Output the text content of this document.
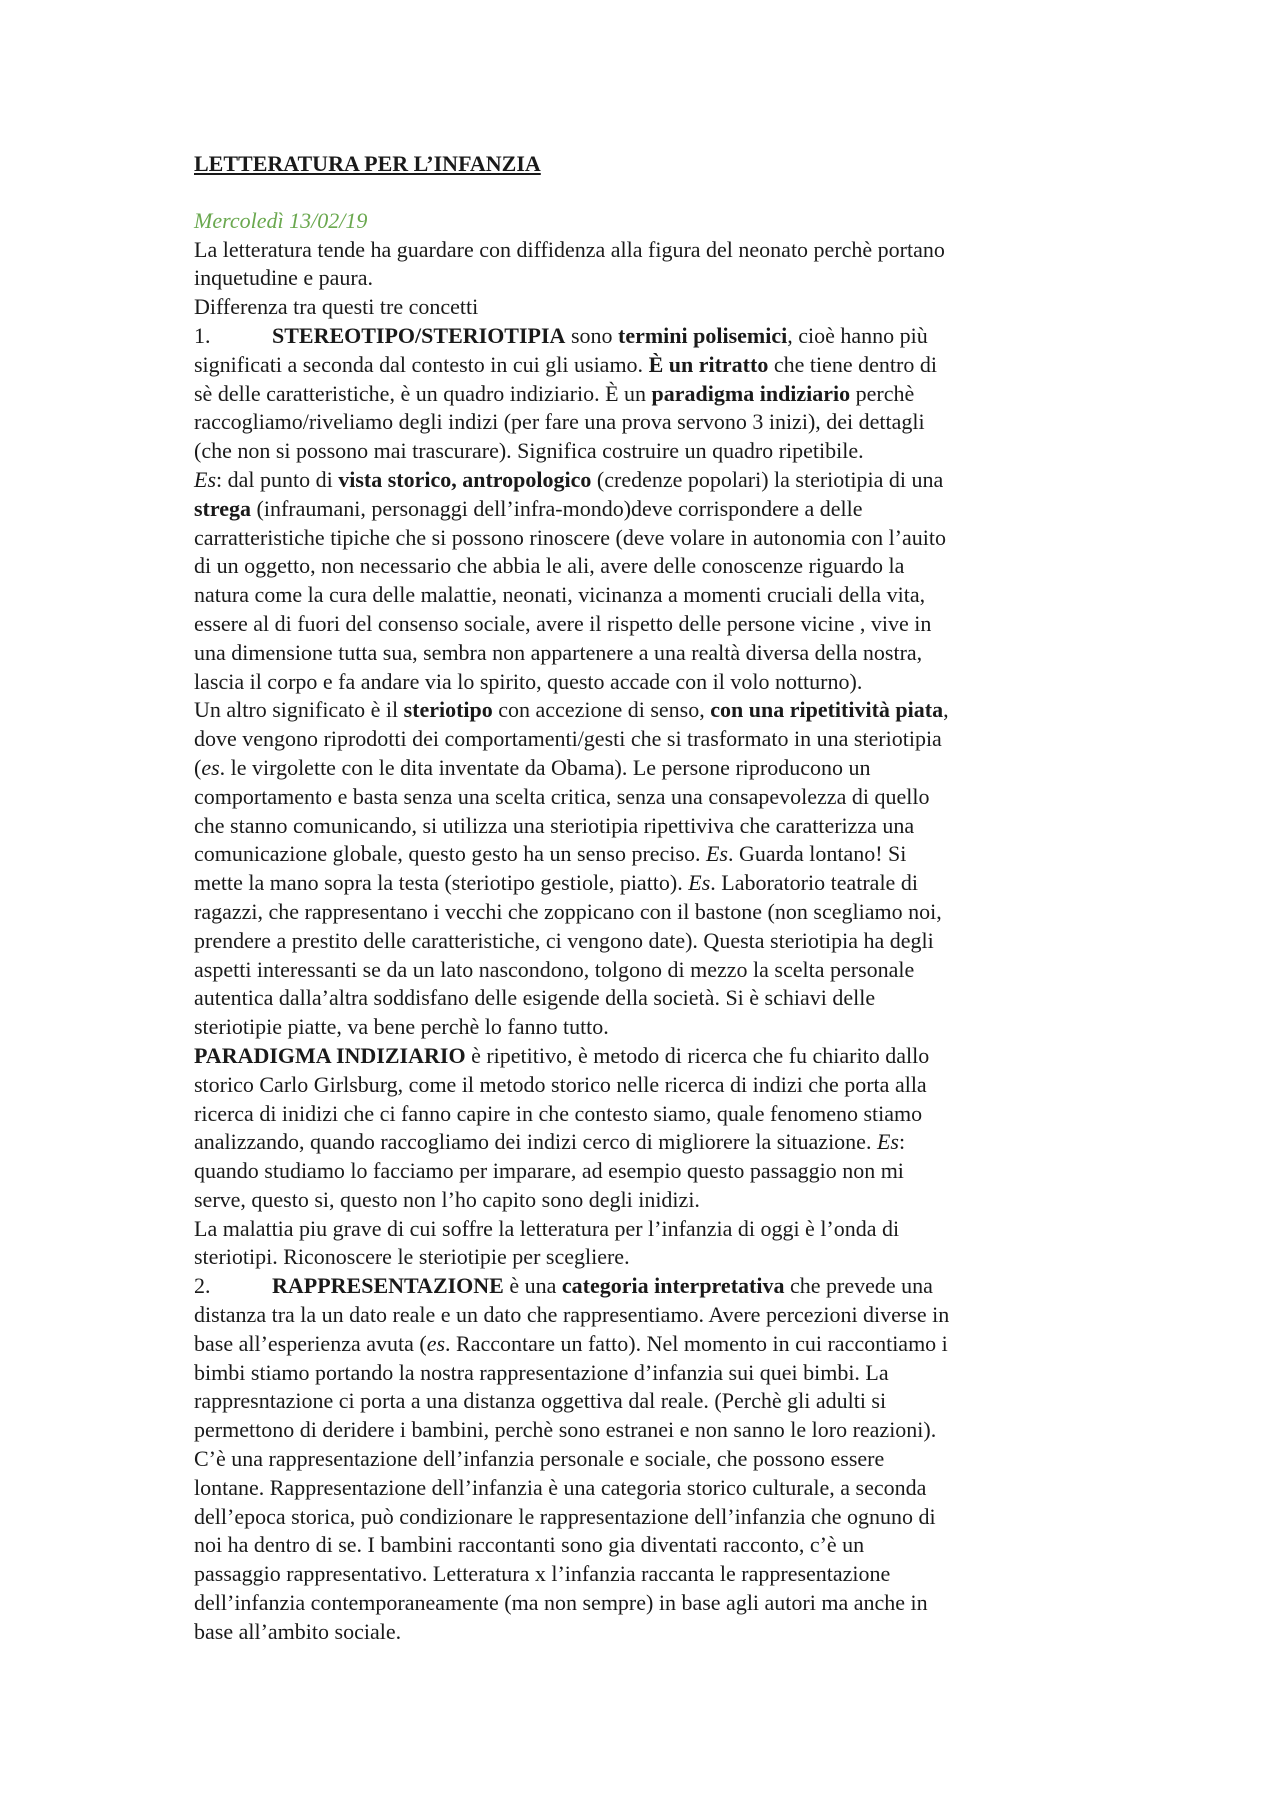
LETTERATURA PER L’INFANZIA
Mercoledì 13/02/19
La letteratura tende ha guardare con diffidenza alla figura del neonato perchè portano
inquetudine e paura.
Differenza tra questi tre concetti
1.	STEREOTIPO/STERIOTIPIA sono termini polisemici, cioè hanno più
significati a seconda dal contesto in cui gli usiamo. È un ritratto che tiene dentro di
sè delle caratteristiche, è un quadro indiziario. È un paradigma indiziario perchè
raccogliamo/riveliamo degli indizi (per fare una prova servono 3 inizi), dei dettagli
(che non si possono mai trascurare). Significa costruire un quadro ripetibile.
Es: dal punto di vista storico, antropologico (credenze popolari) la steriotipia di una
strega (infraumani, personaggi dell’infra-mondo)deve corrispondere a delle
carratteristiche tipiche che si possono rinoscere (deve volare in autonomia con l’auito
di un oggetto, non necessario che abbia le ali, avere delle conoscenze riguardo la
natura come la cura delle malattie, neonati, vicinanza a momenti cruciali della vita,
essere al di fuori del consenso sociale, avere il rispetto delle persone vicine , vive in
una dimensione tutta sua, sembra non appartenere a una realtà diversa della nostra,
lascia il corpo e fa andare via lo spirito, questo accade con il volo notturno).
Un altro significato è il steriotipo con accezione di senso, con una ripetitività piata,
dove vengono riprodotti dei comportamenti/gesti che si trasformato in una steriotipia
(es. le virgolette con le dita inventate da Obama). Le persone riproducono un
comportamento e basta senza una scelta critica, senza una consapevolezza di quello
che stanno comunicando, si utilizza una steriotipia ripettiviva che caratterizza una
comunicazione globale, questo gesto ha un senso preciso. Es. Guarda lontano! Si
mette la mano sopra la testa (steriotipo gestiole, piatto). Es. Laboratorio teatrale di
ragazzi, che rappresentano i vecchi che zoppicano con il bastone (non scegliamo noi,
prendere a prestito delle caratteristiche, ci vengono date). Questa steriotipia ha degli
aspetti interessanti se da un lato nascondono, tolgono di mezzo la scelta personale
autentica dalla’altra soddisfano delle esigende della società. Si è schiavi delle
steriotipie piatte, va bene perchè lo fanno tutto.
PARADIGMA INDIZIARIO è ripetitivo, è metodo di ricerca che fu chiarito dallo
storico Carlo Girlsburg, come il metodo storico nelle ricerca di indizi che porta alla
ricerca di inidizi che ci fanno capire in che contesto siamo, quale fenomeno stiamo
analizzando, quando raccogliamo dei indizi cerco di migliorere la situazione. Es:
quando studiamo lo facciamo per imparare, ad esempio questo passaggio non mi
serve, questo si, questo non l’ho capito sono degli inidizi.
La malattia piu grave di cui soffre la letteratura per l’infanzia di oggi è l’onda di
steriotipi. Riconoscere le steriotipie per scegliere.
2.	RAPPRESENTAZIONE è una categoria interpretativa che prevede una
distanza tra la un dato reale e un dato che rappresentiamo. Avere percezioni diverse in
base all’esperienza avuta (es. Raccontare un fatto). Nel momento in cui raccontiamo i
bimbi stiamo portando la nostra rappresentazione d’infanzia sui quei bimbi. La
rappresntazione ci porta a una distanza oggettiva dal reale. (Perchè gli adulti si
permettono di deridere i bambini, perchè sono estranei e non sanno le loro reazioni).
C’è una rappresentazione dell’infanzia personale e sociale, che possono essere
lontane. Rappresentazione dell’infanzia è una categoria storico culturale, a seconda
dell’epoca storica, può condizionare le rappresentazione dell’infanzia che ognuno di
noi ha dentro di se. I bambini raccontanti sono gia diventati racconto, c’è un
passaggio rappresentativo. Letteratura x l’infanzia raccanta le rappresentazione
dell’infanzia contemporaneamente (ma non sempre) in base agli autori ma anche in
base all’ambito sociale.
